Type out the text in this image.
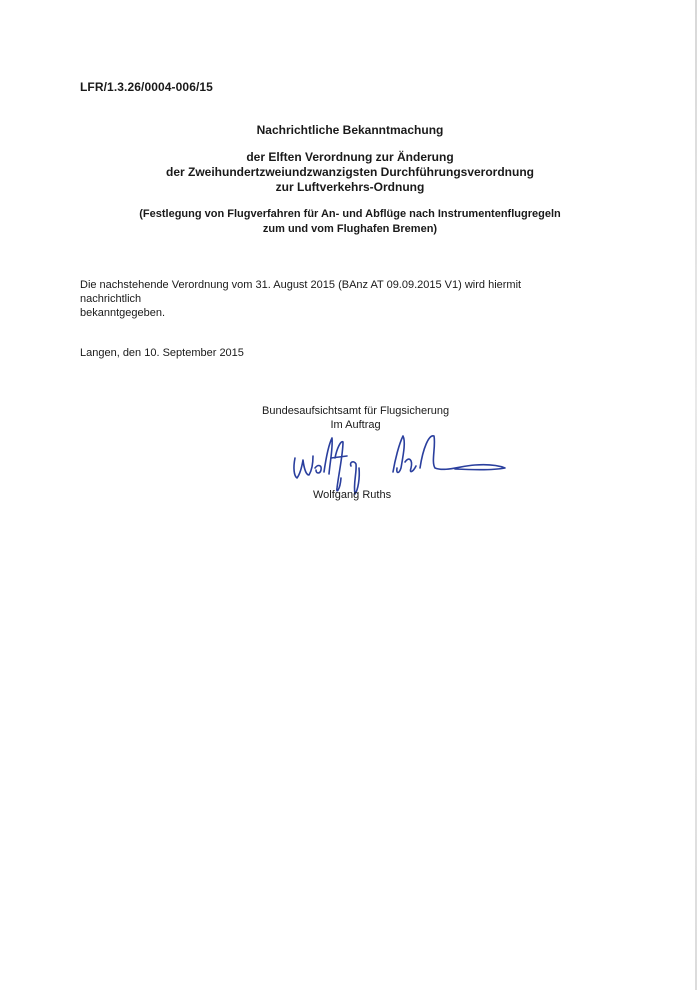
LFR/1.3.26/0004-006/15
Nachrichtliche Bekanntmachung
der Elften Verordnung zur Änderung
der Zweihundertzweiundzwanzigsten Durchführungsverordnung
zur Luftverkehrs-Ordnung
(Festlegung von Flugverfahren für An- und Abflüge nach Instrumentenflugregeln
zum und vom Flughafen Bremen)
Die nachstehende Verordnung vom 31. August 2015 (BAnz AT 09.09.2015 V1) wird hiermit nachrichtlich
bekanntgegeben.
Langen, den 10. September 2015
Bundesaufsichtsamt für Flugsicherung
Im Auftrag
Wolfgang Ruths
